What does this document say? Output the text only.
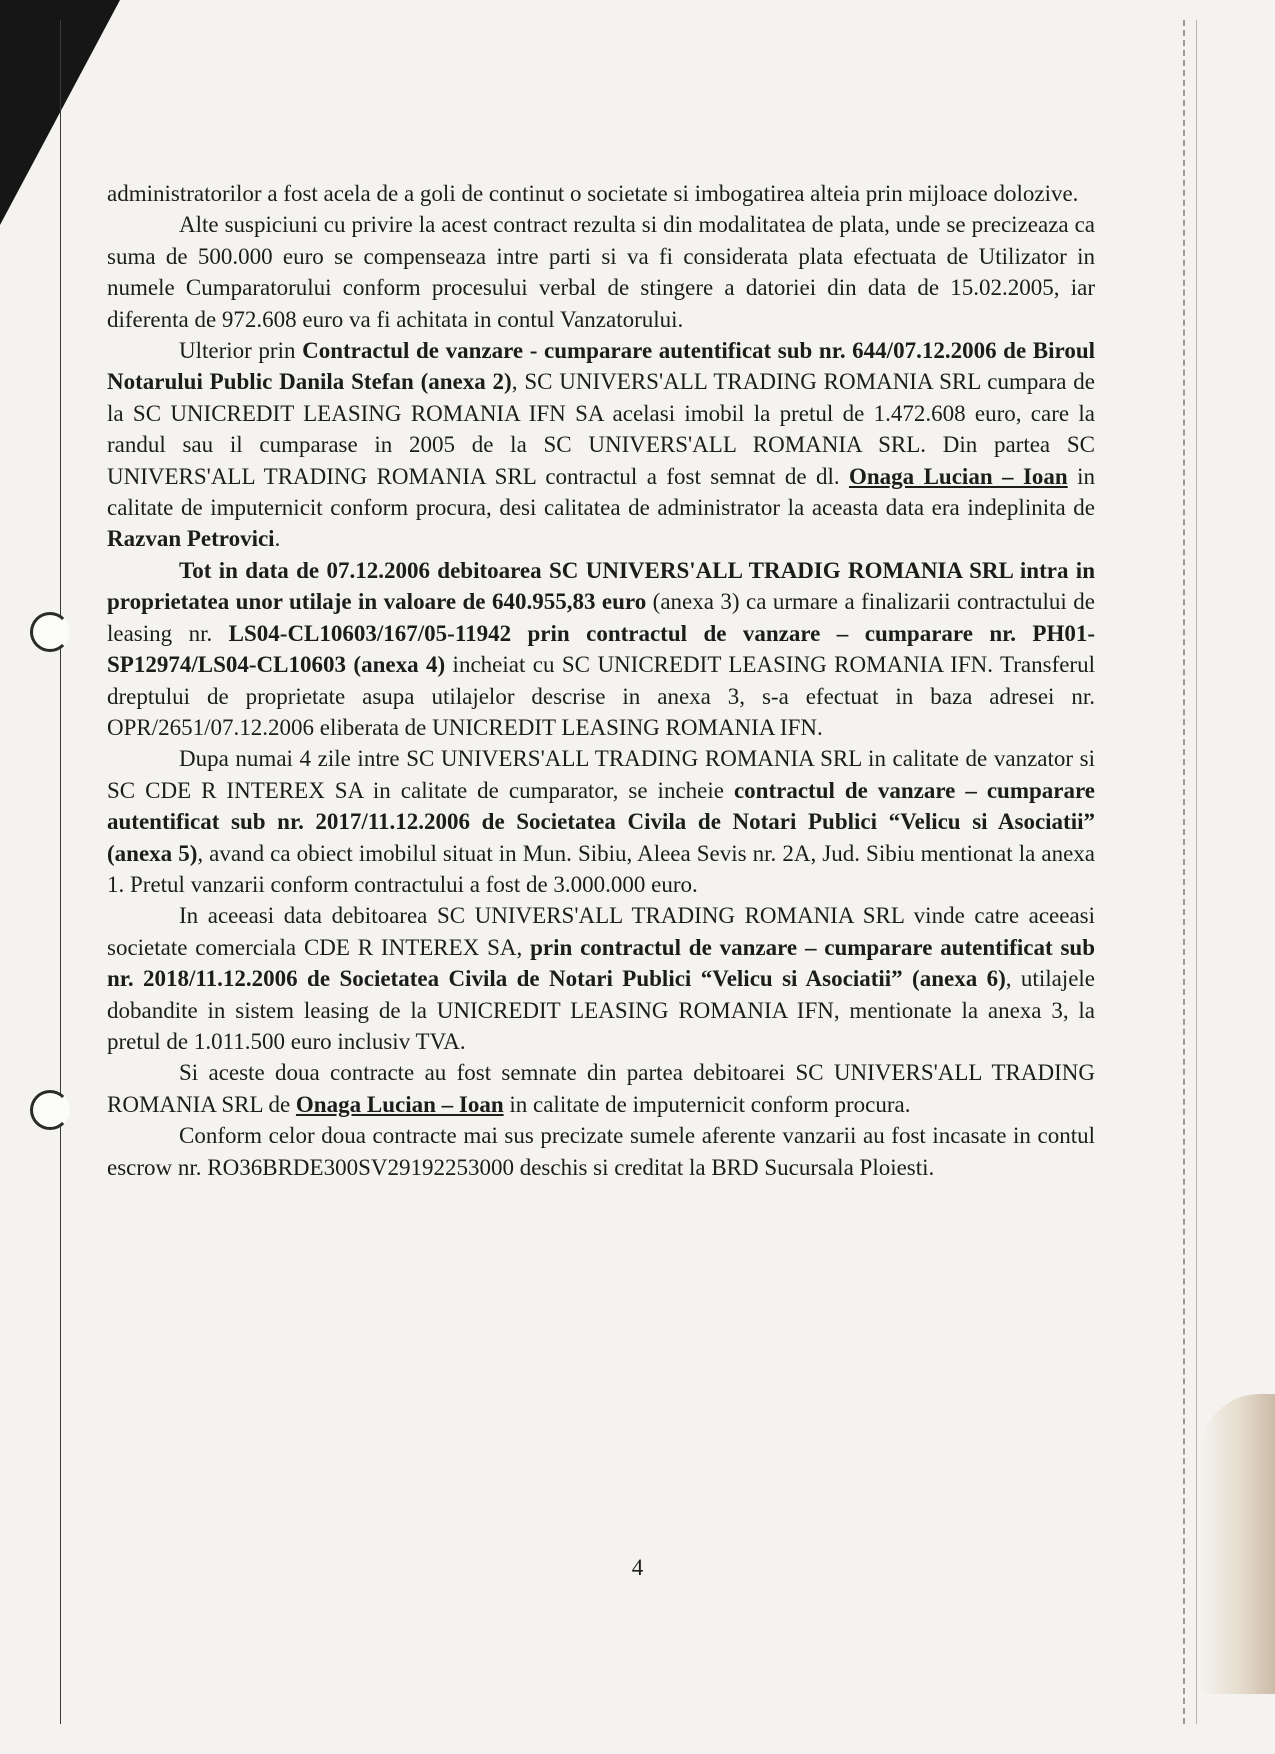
administratorilor a fost acela de a goli de continut o societate si imbogatirea alteia prin mijloace dolozive.

Alte suspiciuni cu privire la acest contract rezulta si din modalitatea de plata, unde se precizeaza ca suma de 500.000 euro se compenseaza intre parti si va fi considerata plata efectuata de Utilizator in numele Cumparatorului conform procesului verbal de stingere a datoriei din data de 15.02.2005, iar diferenta de 972.608 euro va fi achitata in contul Vanzatorului.

Ulterior prin Contractul de vanzare - cumparare autentificat sub nr. 644/07.12.2006 de Biroul Notarului Public Danila Stefan (anexa 2), SC UNIVERS'ALL TRADING ROMANIA SRL cumpara de la SC UNICREDIT LEASING ROMANIA IFN SA acelasi imobil la pretul de 1.472.608 euro, care la randul sau il cumparase in 2005 de la SC UNIVERS'ALL ROMANIA SRL. Din partea SC UNIVERS'ALL TRADING ROMANIA SRL contractul a fost semnat de dl. Onaga Lucian – Ioan in calitate de imputernicit conform procura, desi calitatea de administrator la aceasta data era indeplinita de Razvan Petrovici.

Tot in data de 07.12.2006 debitoarea SC UNIVERS'ALL TRADIG ROMANIA SRL intra in proprietatea unor utilaje in valoare de 640.955,83 euro (anexa 3) ca urmare a finalizarii contractului de leasing nr. LS04-CL10603/167/05-11942 prin contractul de vanzare – cumparare nr. PH01-SP12974/LS04-CL10603 (anexa 4) incheiat cu SC UNICREDIT LEASING ROMANIA IFN. Transferul dreptului de proprietate asupa utilajelor descrise in anexa 3, s-a efectuat in baza adresei nr. OPR/2651/07.12.2006 eliberata de UNICREDIT LEASING ROMANIA IFN.

Dupa numai 4 zile intre SC UNIVERS'ALL TRADING ROMANIA SRL in calitate de vanzator si SC CDE R INTEREX SA in calitate de cumparator, se incheie contractul de vanzare – cumparare autentificat sub nr. 2017/11.12.2006 de Societatea Civila de Notari Publici “Velicu si Asociatii” (anexa 5), avand ca obiect imobilul situat in Mun. Sibiu, Aleea Sevis nr. 2A, Jud. Sibiu mentionat la anexa 1. Pretul vanzarii conform contractului a fost de 3.000.000 euro.

In aceeasi data debitoarea SC UNIVERS'ALL TRADING ROMANIA SRL vinde catre aceeasi societate comerciala CDE R INTEREX SA, prin contractul de vanzare – cumparare autentificat sub nr. 2018/11.12.2006 de Societatea Civila de Notari Publici “Velicu si Asociatii” (anexa 6), utilajele dobandite in sistem leasing de la UNICREDIT LEASING ROMANIA IFN, mentionate la anexa 3, la pretul de 1.011.500 euro inclusiv TVA.

Si aceste doua contracte au fost semnate din partea debitoarei SC UNIVERS'ALL TRADING ROMANIA SRL de Onaga Lucian – Ioan in calitate de imputernicit conform procura.

Conform celor doua contracte mai sus precizate sumele aferente vanzarii au fost incasate in contul escrow nr. RO36BRDE300SV29192253000 deschis si creditat la BRD Sucursala Ploiesti.

4
